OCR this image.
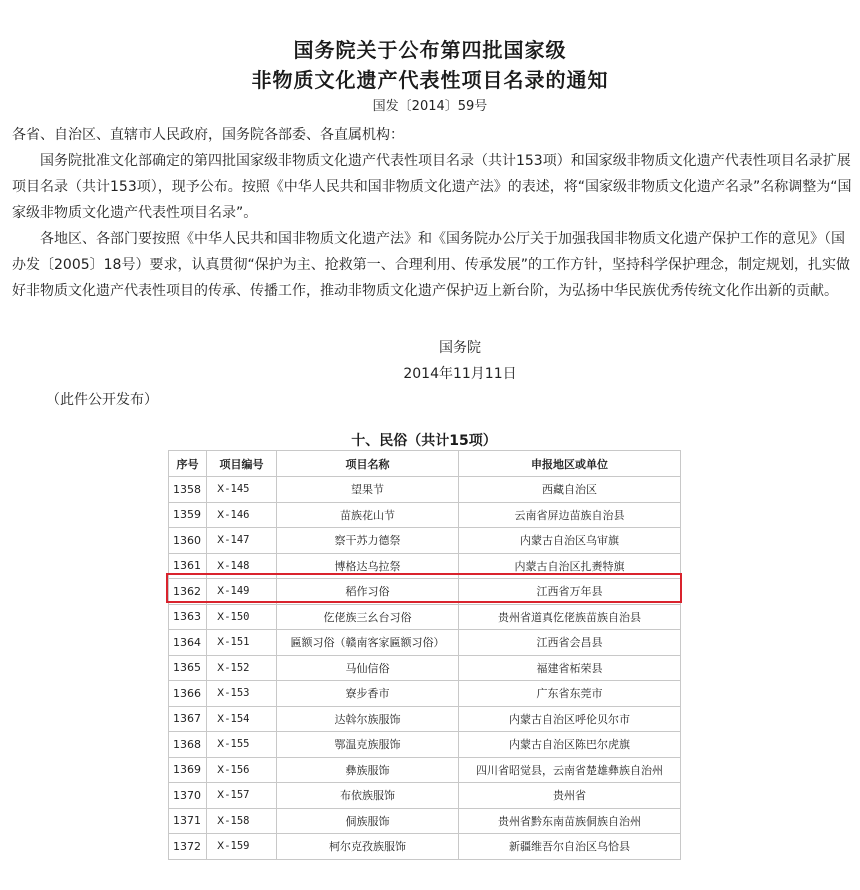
国务院关于公布第四批国家级
非物质文化遗产代表性项目名录的通知
国发〔2014〕59号
各省、自治区、直辖市人民政府，国务院各部委、各直属机构：
国务院批准文化部确定的第四批国家级非物质文化遗产代表性项目名录（共计153项）和国家级非物质文化遗产代表性项目名录扩展项目名录（共计153项），现予公布。按照《中华人民共和国非物质文化遗产法》的表述，将“国家级非物质文化遗产名录”名称调整为“国家级非物质文化遗产代表性项目名录”。
各地区、各部门要按照《中华人民共和国非物质文化遗产法》和《国务院办公厅关于加强我国非物质文化遗产保护工作的意见》（国办发〔2005〕18号）要求，认真贯彻“保护为主、抢救第一、合理利用、传承发展”的工作方针，坚持科学保护理念，制定规划，扎实做好非物质文化遗产代表性项目的传承、传播工作，推动非物质文化遗产保护迈上新台阶，为弘扬中华民族优秀传统文化作出新的贡献。
国务院
2014年11月11日
（此件公开发布）
十、民俗（共计15项）
序号	项目编号	项目名称	申报地区或单位
1358	Ⅹ-145	望果节	西藏自治区
1359	Ⅹ-146	苗族花山节	云南省屏边苗族自治县
1360	Ⅹ-147	察干苏力德祭	内蒙古自治区乌审旗
1361	Ⅹ-148	博格达乌拉祭	内蒙古自治区扎赉特旗
1362	Ⅹ-149	稻作习俗	江西省万年县
1363	Ⅹ-150	仡佬族三幺台习俗	贵州省道真仡佬族苗族自治县
1364	Ⅹ-151	匾额习俗（赣南客家匾额习俗）	江西省会昌县
1365	Ⅹ-152	马仙信俗	福建省柘荣县
1366	Ⅹ-153	寮步香市	广东省东莞市
1367	Ⅹ-154	达斡尔族服饰	内蒙古自治区呼伦贝尔市
1368	Ⅹ-155	鄂温克族服饰	内蒙古自治区陈巴尔虎旗
1369	Ⅹ-156	彝族服饰	四川省昭觉县，云南省楚雄彝族自治州
1370	Ⅹ-157	布依族服饰	贵州省
1371	Ⅹ-158	侗族服饰	贵州省黔东南苗族侗族自治州
1372	Ⅹ-159	柯尔克孜族服饰	新疆维吾尔自治区乌恰县
